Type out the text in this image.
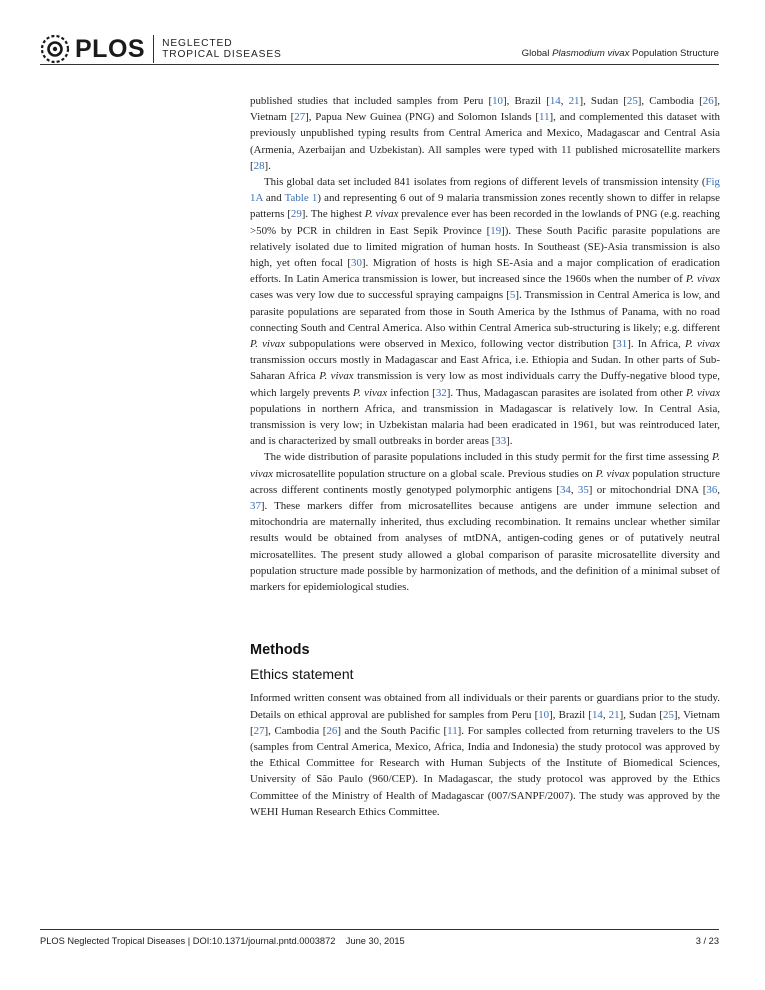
PLOS NEGLECTED
TROPICAL DISEASES	Global Plasmodium vivax Population Structure

published studies that included samples from Peru [10], Brazil [14, 21], Sudan [25], Cambodia [26], Vietnam [27], Papua New Guinea (PNG) and Solomon Islands [11], and complemented this dataset with previously unpublished typing results from Central America and Mexico, Madagascar and Central Asia (Armenia, Azerbaijan and Uzbekistan). All samples were typed with 11 published microsatellite markers [28].

This global data set included 841 isolates from regions of different levels of transmission intensity (Fig 1A and Table 1) and representing 6 out of 9 malaria transmission zones recently shown to differ in relapse patterns [29]. The highest P. vivax prevalence ever has been recorded in the lowlands of PNG (e.g. reaching >50% by PCR in children in East Sepik Province [19]). These South Pacific parasite populations are relatively isolated due to limited migration of human hosts. In Southeast (SE)-Asia transmission is also high, yet often focal [30]. Migration of hosts is high SE-Asia and a major complication of eradication efforts. In Latin America transmission is lower, but increased since the 1960s when the number of P. vivax cases was very low due to successful spraying campaigns [5]. Transmission in Central America is low, and parasite populations are separated from those in South America by the Isthmus of Panama, with no road connecting South and Central America. Also within Central America sub-structuring is likely; e.g. different P. vivax subpopulations were observed in Mexico, following vector distribution [31]. In Africa, P. vivax transmission occurs mostly in Madagascar and East Africa, i.e. Ethiopia and Sudan. In other parts of Sub-Saharan Africa P. vivax transmission is very low as most individuals carry the Duffy-negative blood type, which largely prevents P. vivax infection [32]. Thus, Madagascan parasites are isolated from other P. vivax populations in northern Africa, and transmission in Madagascar is relatively low. In Central Asia, transmission is very low; in Uzbekistan malaria had been eradicated in 1961, but was reintroduced later, and is characterized by small outbreaks in border areas [33].

The wide distribution of parasite populations included in this study permit for the first time assessing P. vivax microsatellite population structure on a global scale. Previous studies on P. vivax population structure across different continents mostly genotyped polymorphic antigens [34, 35] or mitochondrial DNA [36, 37]. These markers differ from microsatellites because antigens are under immune selection and mitochondria are maternally inherited, thus excluding recombination. It remains unclear whether similar results would be obtained from analyses of mtDNA, antigen-coding genes or of putatively neutral microsatellites. The present study allowed a global comparison of parasite microsatellite diversity and population structure made possible by harmonization of methods, and the definition of a minimal subset of markers for epidemiological studies.

Methods
Ethics statement

Informed written consent was obtained from all individuals or their parents or guardians prior to the study. Details on ethical approval are published for samples from Peru [10], Brazil [14, 21], Sudan [25], Vietnam [27], Cambodia [26] and the South Pacific [11]. For samples collected from returning travelers to the US (samples from Central America, Mexico, Africa, India and Indonesia) the study protocol was approved by the Ethical Committee for Research with Human Subjects of the Institute of Biomedical Sciences, University of São Paulo (960/CEP). In Madagascar, the study protocol was approved by the Ethics Committee of the Ministry of Health of Madagascar (007/SANPF/2007). The study was approved by the WEHI Human Research Ethics Committee.

PLOS Neglected Tropical Diseases | DOI:10.1371/journal.pntd.0003872 June 30, 2015	3 / 23
